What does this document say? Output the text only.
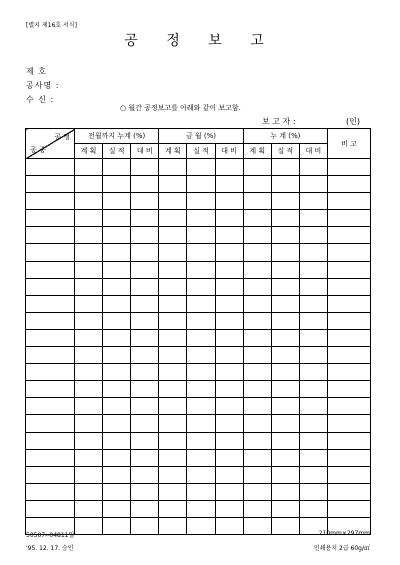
[별지 제16호 서식]
공 정 보 고
제 호
공사명 :
수 신 :
○ 월간 공정보고를 아래와 같이 보고함.
보 고 자 :	(인)
공 정
공 종	전월까지 누계 (%)			금 월 (%)			누 계 (%)			비 고
	계 획	실 적	대 비	계 획	실 적	대 비	계 획	실 적	대 비	

50507--04811일
'95. 12. 17. 승인
210mm×297mm
인쇄용지 2급 60g/㎡
